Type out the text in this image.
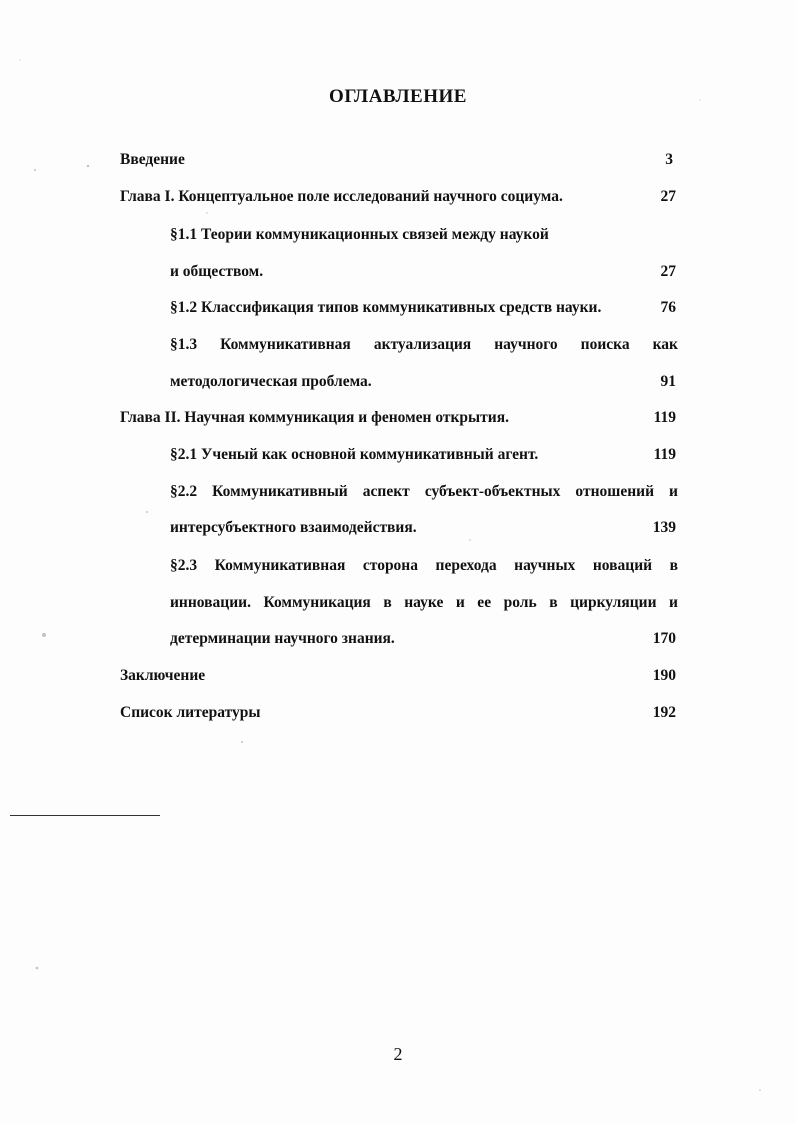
ОГЛАВЛЕНИЕ
Введение	3
Глава I. Концептуальное поле исследований научного социума.	27
§1.1 Теории коммуникационных связей между наукой
и обществом.	27
§1.2 Классификация типов коммуникативных средств науки.	76
§1.3 Коммуникативная актуализация научного поиска как
методологическая проблема.	91
Глава II. Научная коммуникация и феномен открытия.	119
§2.1 Ученый как основной коммуникативный агент.	119
§2.2 Коммуникативный аспект субъект-объектных отношений и
интерсубъектного взаимодействия.	139
§2.3 Коммуникативная сторона перехода научных новаций в
инновации. Коммуникация в науке и ее роль в циркуляции и
детерминации научного знания.	170
Заключение	190
Список литературы	192
2
